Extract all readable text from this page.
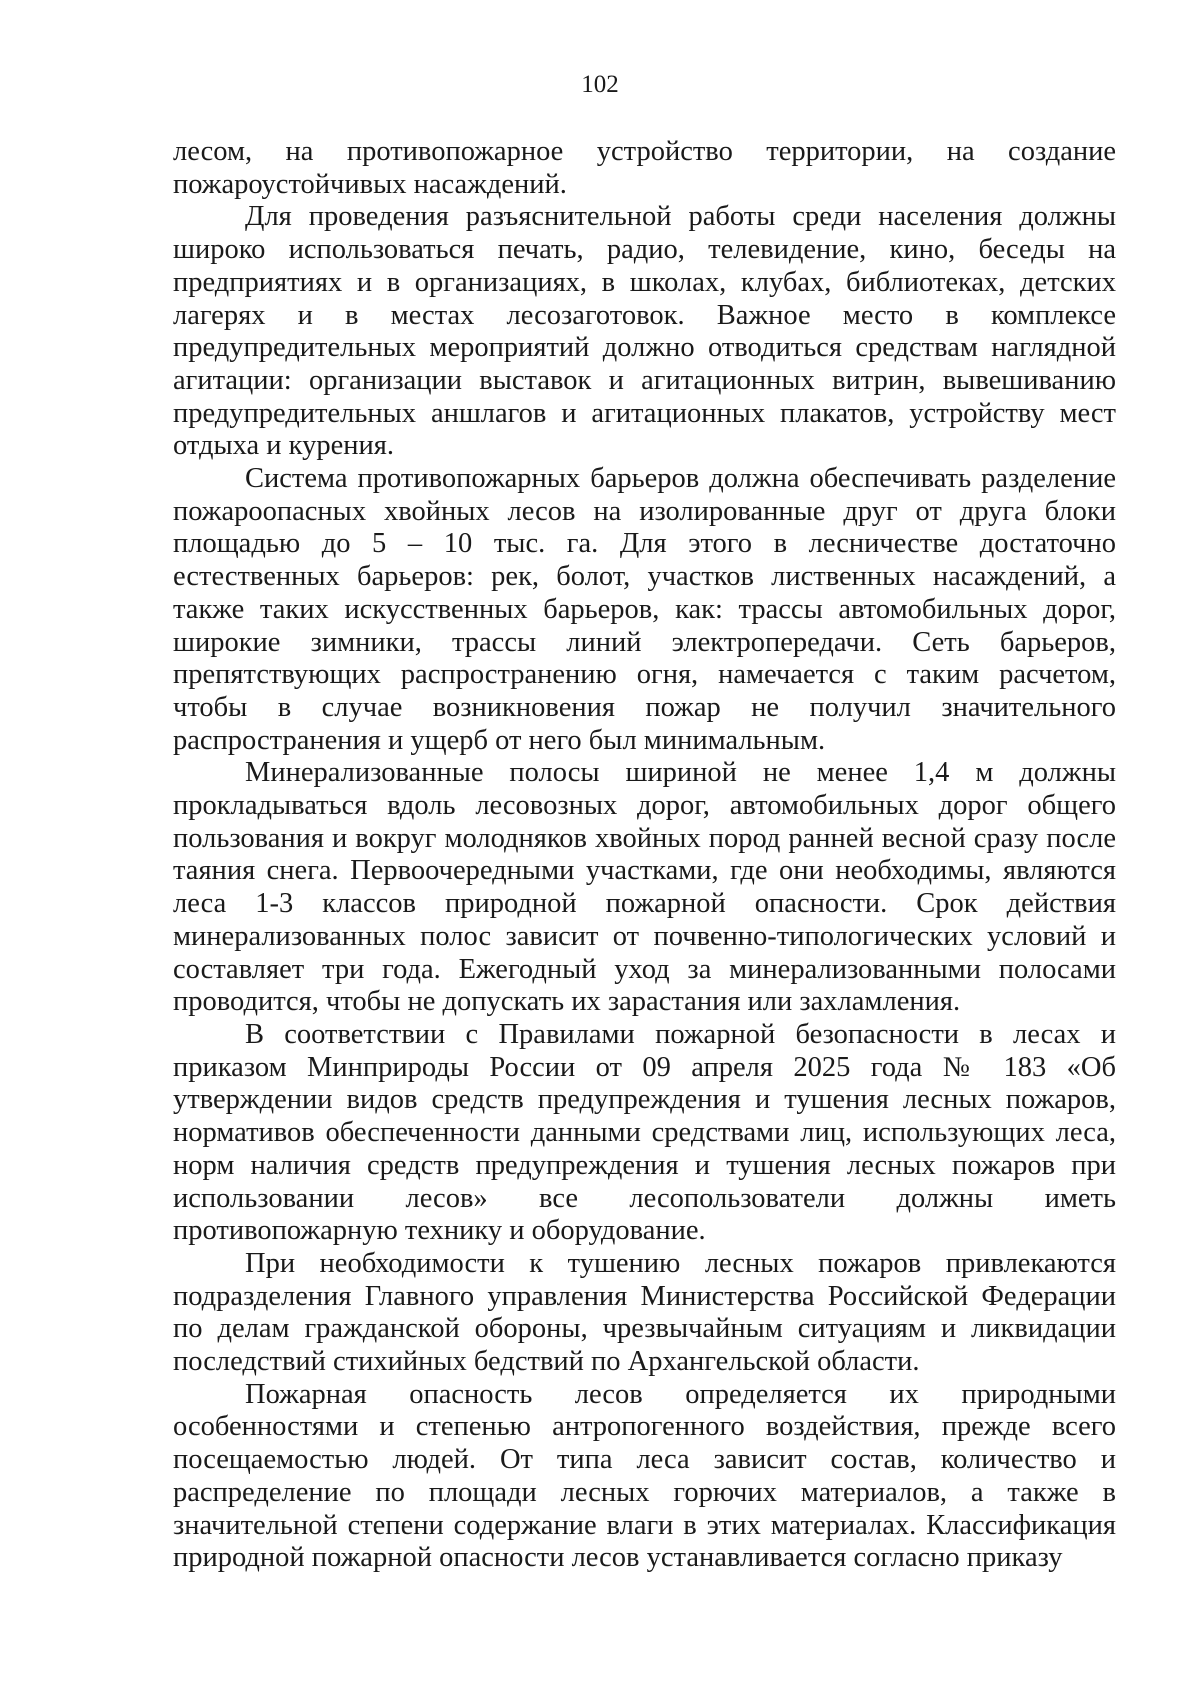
102

лесом, на противопожарное устройство территории, на создание пожароустойчивых насаждений.

Для проведения разъяснительной работы среди населения должны широко использоваться печать, радио, телевидение, кино, беседы на предприятиях и в организациях, в школах, клубах, библиотеках, детских лагерях и в местах лесозаготовок. Важное место в комплексе предупредительных мероприятий должно отводиться средствам наглядной агитации: организации выставок и агитационных витрин, вывешиванию предупредительных аншлагов и агитационных плакатов, устройству мест отдыха и курения.

Система противопожарных барьеров должна обеспечивать разделение пожароопасных хвойных лесов на изолированные друг от друга блоки площадью до 5 – 10 тыс. га. Для этого в лесничестве достаточно естественных барьеров: рек, болот, участков лиственных насаждений, а также таких искусственных барьеров, как: трассы автомобильных дорог, широкие зимники, трассы линий электропередачи. Сеть барьеров, препятствующих распространению огня, намечается с таким расчетом, чтобы в случае возникновения пожар не получил значительного распространения и ущерб от него был минимальным.

Минерализованные полосы шириной не менее 1,4 м должны прокладываться вдоль лесовозных дорог, автомобильных дорог общего пользования и вокруг молодняков хвойных пород ранней весной сразу после таяния снега. Первоочередными участками, где они необходимы, являются леса 1-3 классов природной пожарной опасности. Срок действия минерализованных полос зависит от почвенно-типологических условий и составляет три года. Ежегодный уход за минерализованными полосами проводится, чтобы не допускать их зарастания или захламления.

В соответствии с Правилами пожарной безопасности в лесах и приказом Минприроды России от 09 апреля 2025 года № 183 «Об утверждении видов средств предупреждения и тушения лесных пожаров, нормативов обеспеченности данными средствами лиц, использующих леса, норм наличия средств предупреждения и тушения лесных пожаров при использовании лесов» все лесопользователи должны иметь противопожарную технику и оборудование.

При необходимости к тушению лесных пожаров привлекаются подразделения Главного управления Министерства Российской Федерации по делам гражданской обороны, чрезвычайным ситуациям и ликвидации последствий стихийных бедствий по Архангельской области.

Пожарная опасность лесов определяется их природными особенностями и степенью антропогенного воздействия, прежде всего посещаемостью людей. От типа леса зависит состав, количество и распределение по площади лесных горючих материалов, а также в значительной степени содержание влаги в этих материалах. Классификация природной пожарной опасности лесов устанавливается согласно приказу
